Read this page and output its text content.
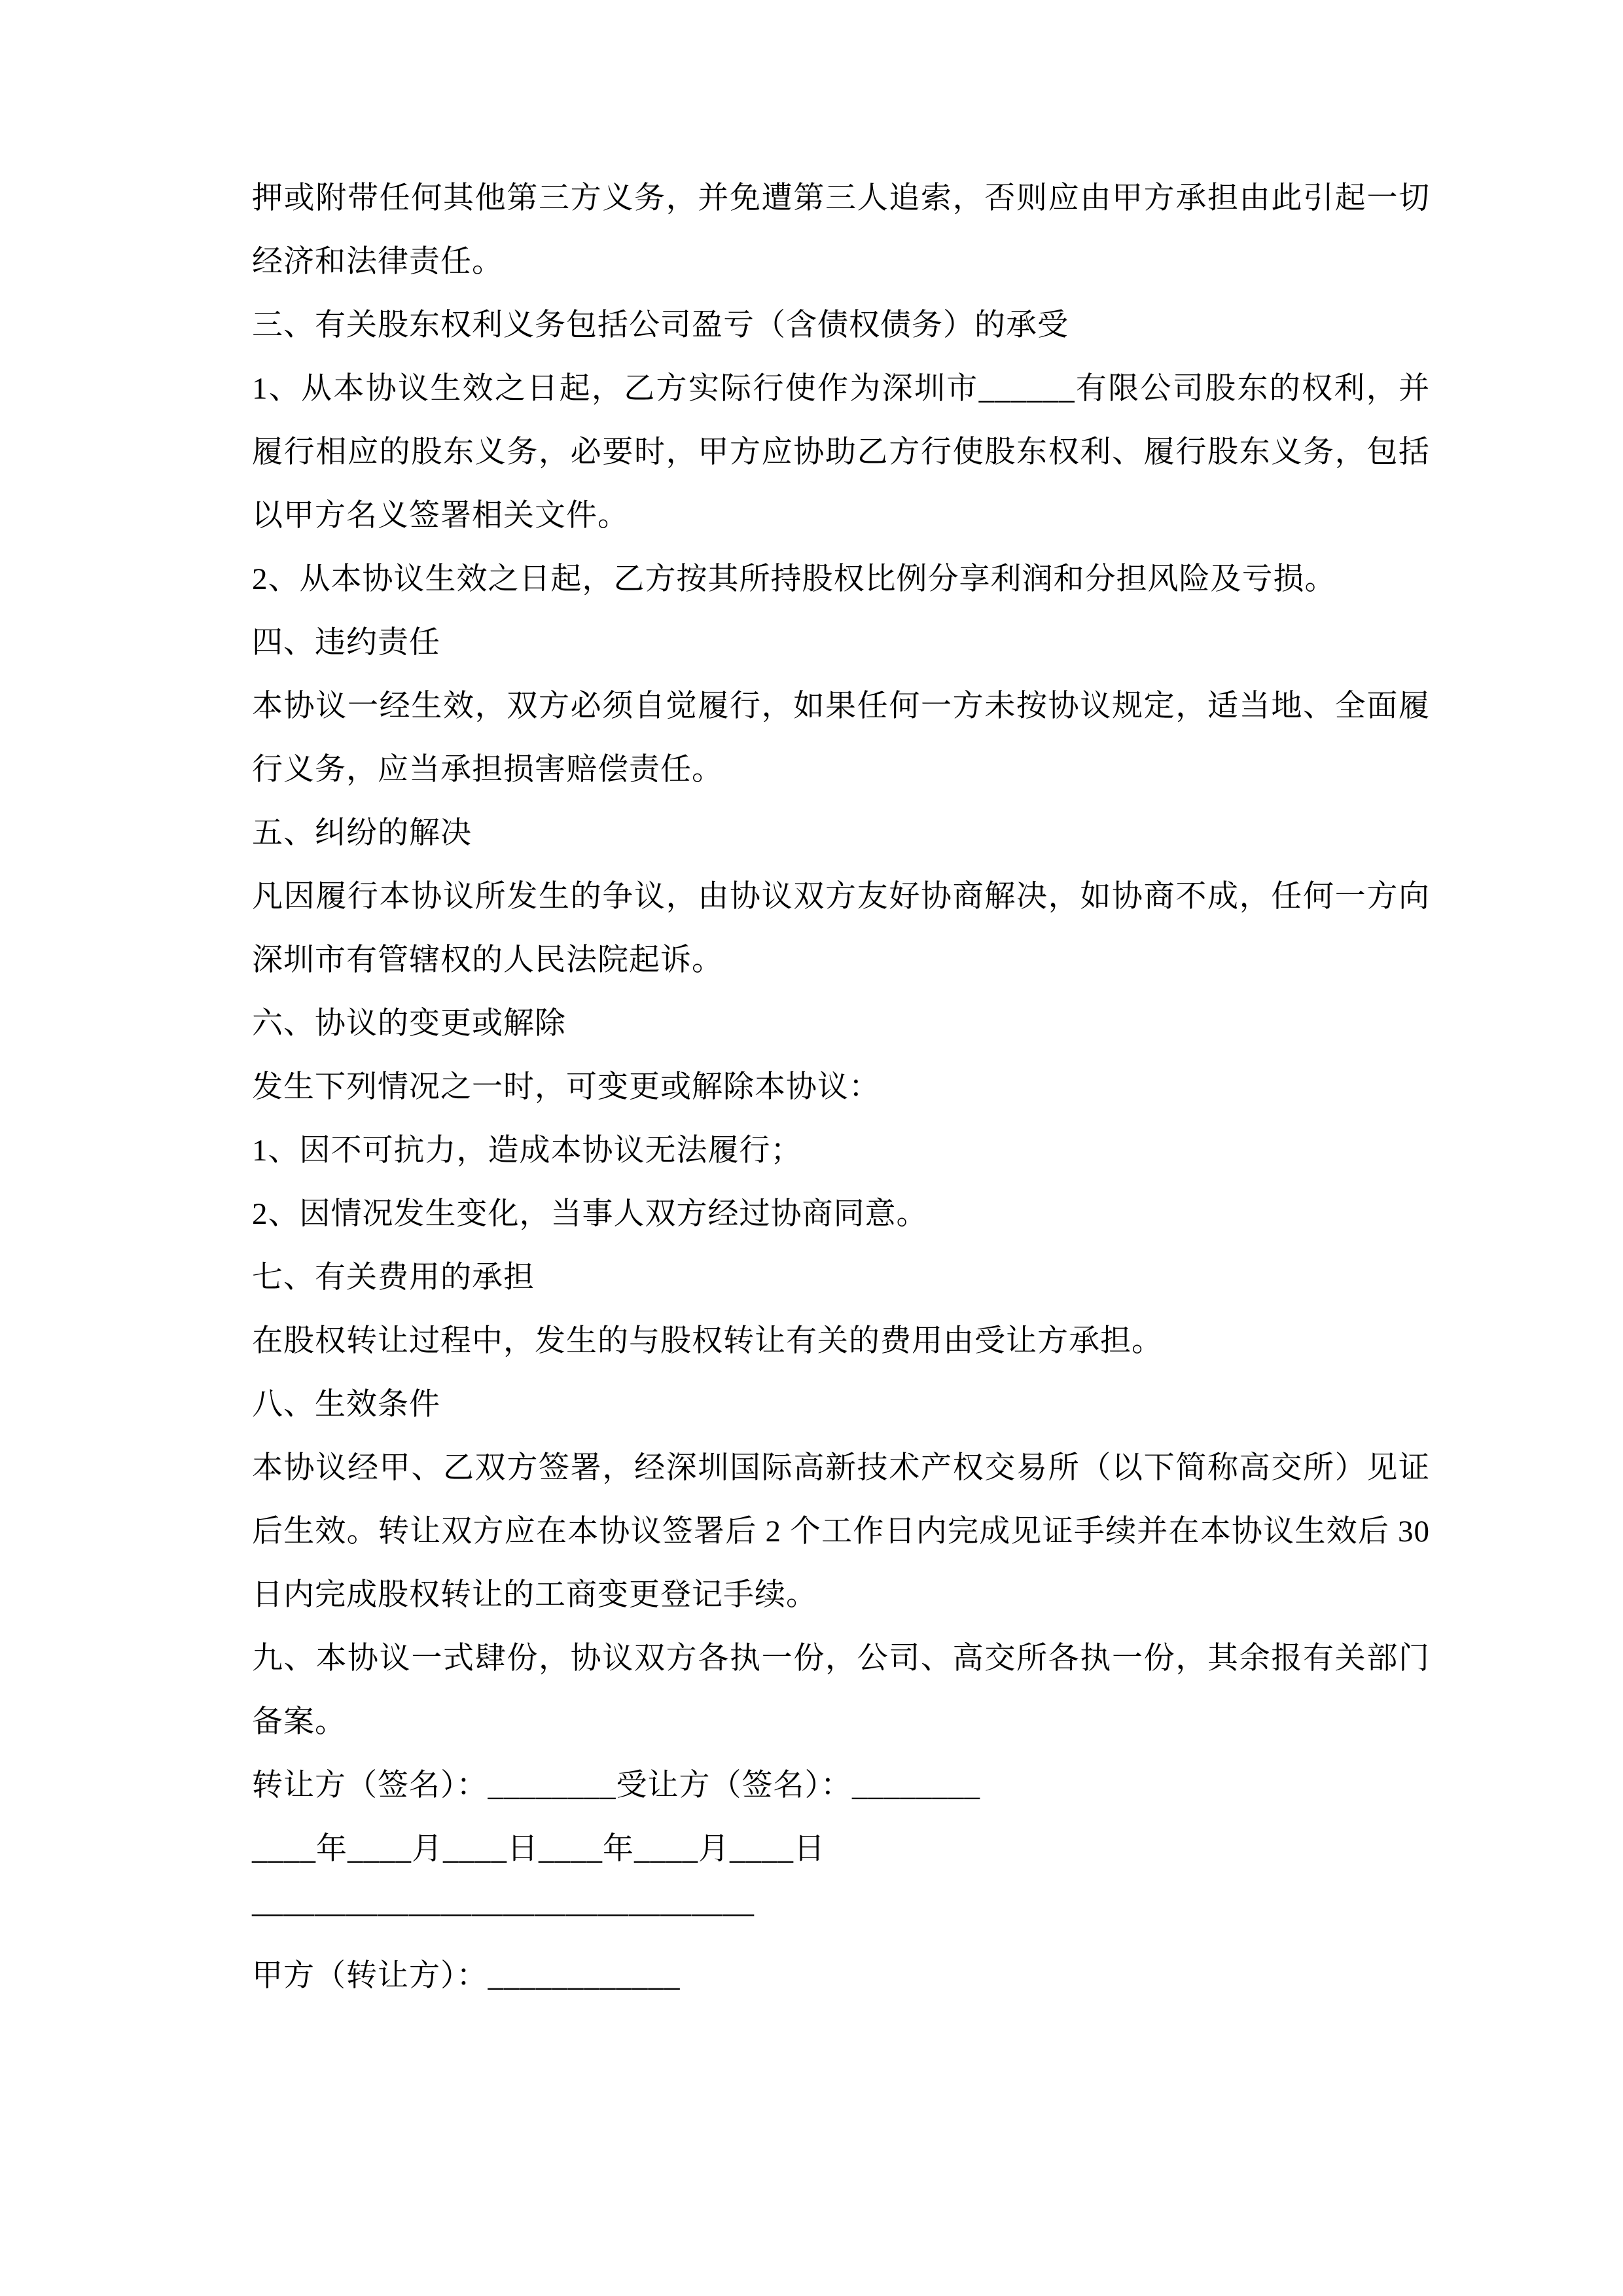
押或附带任何其他第三方义务，并免遭第三人追索，否则应由甲方承担由此引起一切经济和法律责任。

三、有关股东权利义务包括公司盈亏（含债权债务）的承受

1、从本协议生效之日起，乙方实际行使作为深圳市______有限公司股东的权利，并履行相应的股东义务，必要时，甲方应协助乙方行使股东权利、履行股东义务，包括以甲方名义签署相关文件。

2、从本协议生效之日起，乙方按其所持股权比例分享利润和分担风险及亏损。

四、违约责任

本协议一经生效，双方必须自觉履行，如果任何一方未按协议规定，适当地、全面履行义务，应当承担损害赔偿责任。

五、纠纷的解决

凡因履行本协议所发生的争议，由协议双方友好协商解决，如协商不成，任何一方向深圳市有管辖权的人民法院起诉。

六、协议的变更或解除

发生下列情况之一时，可变更或解除本协议：

1、因不可抗力，造成本协议无法履行；

2、因情况发生变化，当事人双方经过协商同意。

七、有关费用的承担

在股权转让过程中，发生的与股权转让有关的费用由受让方承担。

八、生效条件

本协议经甲、乙双方签署，经深圳国际高新技术产权交易所（以下简称高交所）见证后生效。转让双方应在本协议签署后 2 个工作日内完成见证手续并在本协议生效后 30 日内完成股权转让的工商变更登记手续。

九、本协议一式肆份，协议双方各执一份，公司、高交所各执一份，其余报有关部门备案。

转让方（签名）：________受让方（签名）：________

____年____月____日____年____月____日

————————————————

甲方（转让方）：____________
